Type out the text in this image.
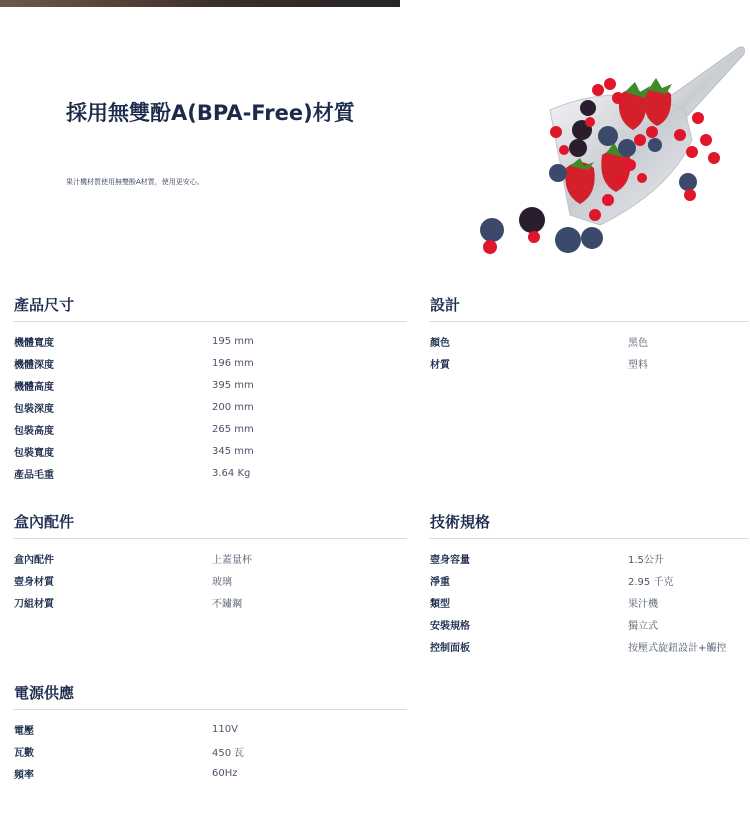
採用無雙酚A(BPA-Free)材質

果汁機材質使用無雙酚A材質，使用更安心。

產品尺寸
機體寬度	195 mm
機體深度	196 mm
機體高度	395 mm
包裝深度	200 mm
包裝高度	265 mm
包裝寬度	345 mm
產品毛重	3.64 Kg
設計
顏色	黑色
材質	塑料
盒內配件
盒內配件	上蓋量杯
壺身材質	玻璃
刀組材質	不鏽鋼
技術規格
壺身容量	1.5公升
淨重	2.95 千克
類型	果汁機
安裝規格	獨立式
控制面板	按壓式旋鈕設計+觸控
電源供應
電壓	110V
瓦數	450 瓦
頻率	60Hz
